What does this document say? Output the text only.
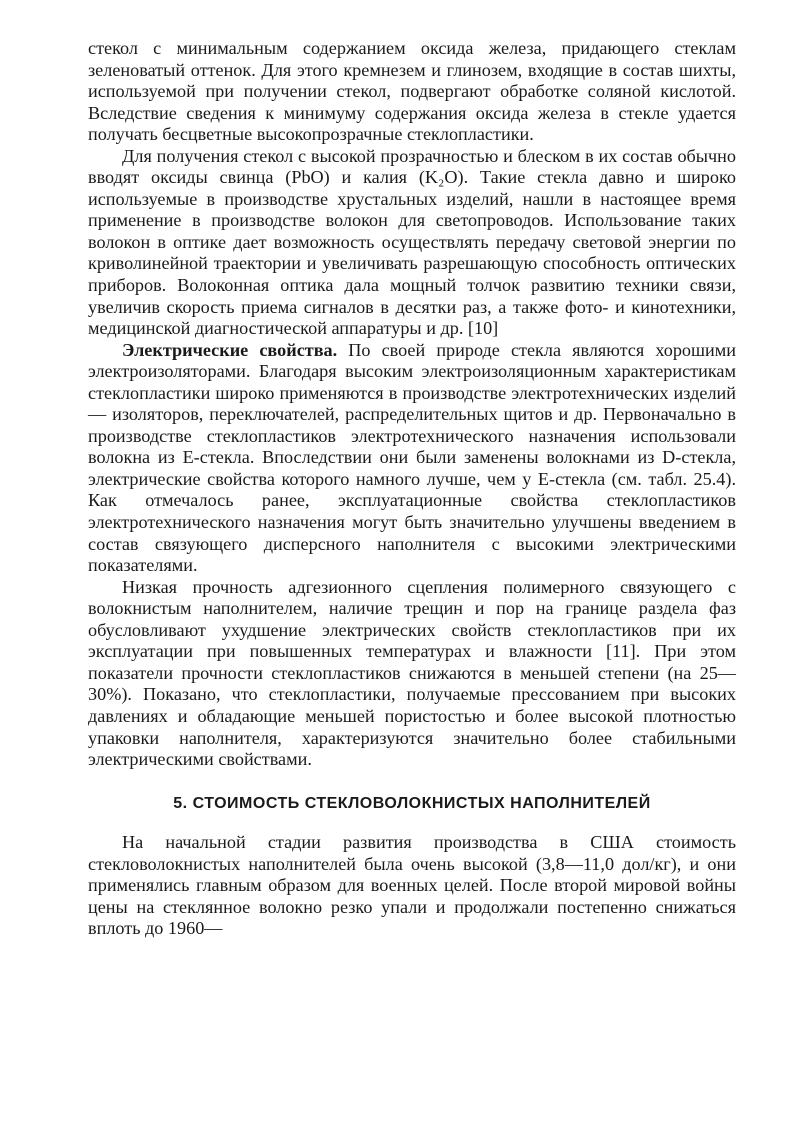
стекол с минимальным содержанием оксида железа, придающего стеклам зеленоватый оттенок. Для этого кремнезем и глинозем, входящие в состав шихты, используемой при получении стекол, подвергают обработке соляной кислотой. Вследствие сведения к минимуму содержания оксида железа в стекле удается получать бесцветные высокопрозрачные стеклопластики.

Для получения стекол с высокой прозрачностью и блеском в их состав обычно вводят оксиды свинца (PbO) и калия (K₂O). Такие стекла давно и широко используемые в производстве хрустальных изделий, нашли в настоящее время применение в производстве волокон для светопроводов. Использование таких волокон в оптике дает возможность осуществлять передачу световой энергии по криволинейной траектории и увеличивать разрешающую способность оптических приборов. Волоконная оптика дала мощный толчок развитию техники связи, увеличив скорость приема сигналов в десятки раз, а также фото- и кинотехники, медицинской диагностической аппаратуры и др. [10]

Электрические свойства. По своей природе стекла являются хорошими электроизоляторами. Благодаря высоким электроизоляционным характеристикам стеклопластики широко применяются в производстве электротехнических изделий — изоляторов, переключателей, распределительных щитов и др. Первоначально в производстве стеклопластиков электротехнического назначения использовали волокна из E-стекла. Впоследствии они были заменены волокнами из D-стекла, электрические свойства которого намного лучше, чем у E-стекла (см. табл. 25.4). Как отмечалось ранее, эксплуатационные свойства стеклопластиков электротехнического назначения могут быть значительно улучшены введением в состав связующего дисперсного наполнителя с высокими электрическими показателями.

Низкая прочность адгезионного сцепления полимерного связующего с волокнистым наполнителем, наличие трещин и пор на границе раздела фаз обусловливают ухудшение электрических свойств стеклопластиков при их эксплуатации при повышенных температурах и влажности [11]. При этом показатели прочности стеклопластиков снижаются в меньшей степени (на 25—30%). Показано, что стеклопластики, получаемые прессованием при высоких давлениях и обладающие меньшей пористостью и более высокой плотностью упаковки наполнителя, характеризуются значительно более стабильными электрическими свойствами.

5. СТОИМОСТЬ СТЕКЛОВОЛОКНИСТЫХ НАПОЛНИТЕЛЕЙ

На начальной стадии развития производства в США стоимость стекловолокнистых наполнителей была очень высокой (3,8—11,0 дол/кг), и они применялись главным образом для военных целей. После второй мировой войны цены на стеклянное волокно резко упали и продолжали постепенно снижаться вплоть до 1960—
